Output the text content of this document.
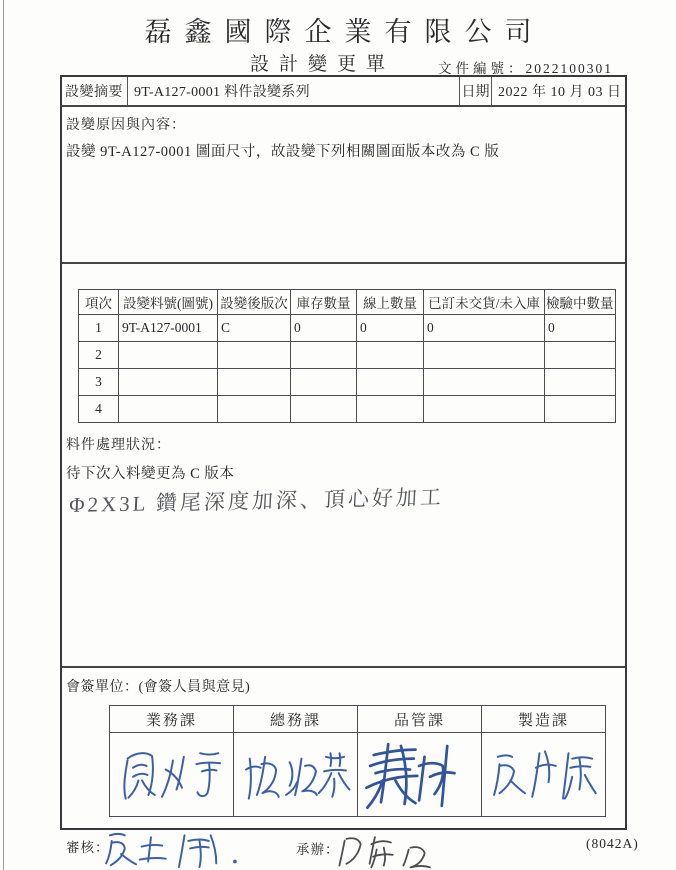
磊鑫國際企業有限公司
設計變更單	文件編號：2022100301
設變摘要 9T-A127-0001 料件設變系列	日期 2022 年 10 月 03 日
設變原因與內容：
設變 9T-A127-0001 圖面尺寸，故設變下列相關圖面版本改為 C 版
項次	設變料號(圖號)	設變後版次	庫存數量	線上數量	已訂未交貨/未入庫	檢驗中數量
1	9T-A127-0001	C	0	0	0	0
2						
3						
4						
料件處理狀況：
待下次入料變更為 C 版本
Φ2X3L 鑽尾深度加深、頂心好加工
會簽單位：(會簽人員與意見)
業務課	總務課	品管課	製造課

審核：	承辦：	(8042A)
